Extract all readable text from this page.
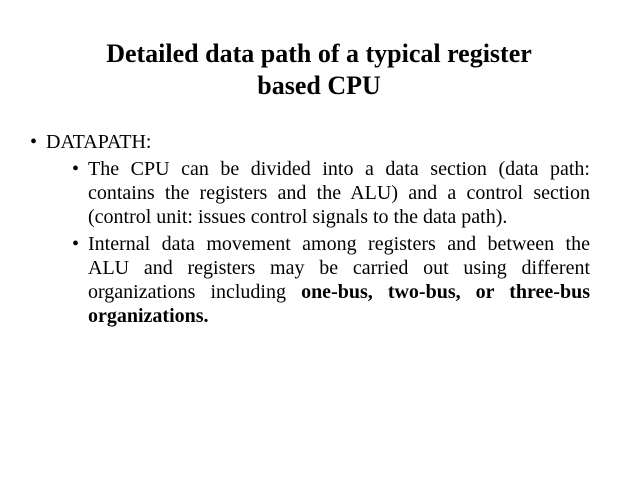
Detailed data path of a typical register
based CPU
• DATAPATH:
• The CPU can be divided into a data section (data path: contains the registers and the ALU) and a control section (control unit: issues control signals to the data path).
• Internal data movement among registers and between the ALU and registers may be carried out using different organizations including one-bus, two-bus, or three-bus organizations.
